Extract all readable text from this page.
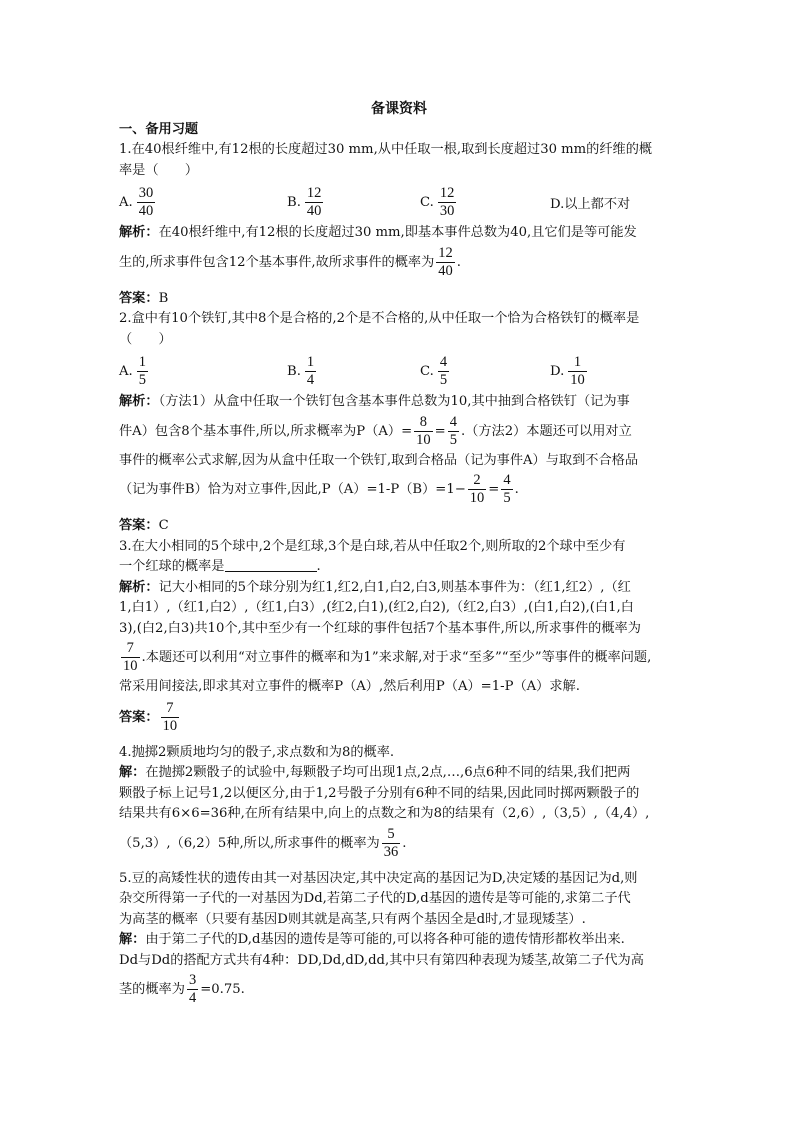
备课资料

一、备用习题

1.在40根纤维中,有12根的长度超过30 mm,从中任取一根,取到长度超过30 mm的纤维的概

率是（　　）

A. $\frac{30}{40}$	B. $\frac{12}{40}$	C. $\frac{12}{30}$	D.以上都不对

解析：在40根纤维中,有12根的长度超过30 mm,即基本事件总数为40,且它们是等可能发

生的,所求事件包含12个基本事件,故所求事件的概率为 $\frac{12}{40}$ .

答案：B

2.盒中有10个铁钉,其中8个是合格的,2个是不合格的,从中任取一个恰为合格铁钉的概率是

（　　）

A. $\frac{1}{5}$	B. $\frac{1}{4}$	C. $\frac{4}{5}$	D. $\frac{1}{10}$

解析：（方法1）从盒中任取一个铁钉包含基本事件总数为10,其中抽到合格铁钉（记为事

件A）包含8个基本事件,所以,所求概率为$P(A)= \frac{8}{10} = \frac{4}{5}$ .（方法2）本题还可以用对立

事件的概率公式求解,因为从盒中任取一个铁钉,取到合格品（记为事件A）与取到不合格品

（记为事件B）恰为对立事件,因此$,P(A)=1-P(B)=1- \frac{2}{10} = \frac{4}{5}$ .

答案：C

3.在大小相同的5个球中,2个是红球,3个是白球,若从中任取2个,则所取的2个球中至少有

一个红球的概率是	.

解析：记大小相同的5个球分别为红1,红2,白1,白2,白3,则基本事件为：（红1,红2）,（红

1,白1）,（红1,白2）,（红1,白3）,(红2,白1),(红2,白2),（红2,白3）,(白1,白2),(白1,白

3),(白2,白3)共10个,其中至少有一个红球的事件包括7个基本事件,所以,所求事件的概率为

$\frac{7}{10}$ .本题还可以利用“对立事件的概率和为1”来求解,对于求“至多”“至少”等事件的概率问题,

常采用间接法,即求其对立事件的概率P（A）,然后利用P（A）=1-P（A）求解.

答案： $\frac{7}{10}$

4.抛掷2颗质地均匀的骰子,求点数和为8的概率.

解：在抛掷2颗骰子的试验中,每颗骰子均可出现1点,2点,…,6点6种不同的结果,我们把两

颗骰子标上记号1,2以便区分,由于1,2号骰子分别有6种不同的结果,因此同时掷两颗骰子的

结果共有6×6=36种,在所有结果中,向上的点数之和为8的结果有（2,6）,（3,5）,（4,4）,

（5,3）,（6,2）5种,所以,所求事件的概率为 $\frac{5}{36}$ .

5.豆的高矮性状的遗传由其一对基因决定,其中决定高的基因记为D,决定矮的基因记为d,则

杂交所得第一子代的一对基因为Dd,若第二子代的D,d基因的遗传是等可能的,求第二子代

为高茎的概率（只要有基因D则其就是高茎,只有两个基因全是d时,才显现矮茎）.

解：由于第二子代的D,d基因的遗传是等可能的,可以将各种可能的遗传情形都枚举出来.

Dd与Dd的搭配方式共有4种：DD,Dd,dD,dd,其中只有第四种表现为矮茎,故第二子代为高

茎的概率为 $\frac{3}{4} =0.75$.
